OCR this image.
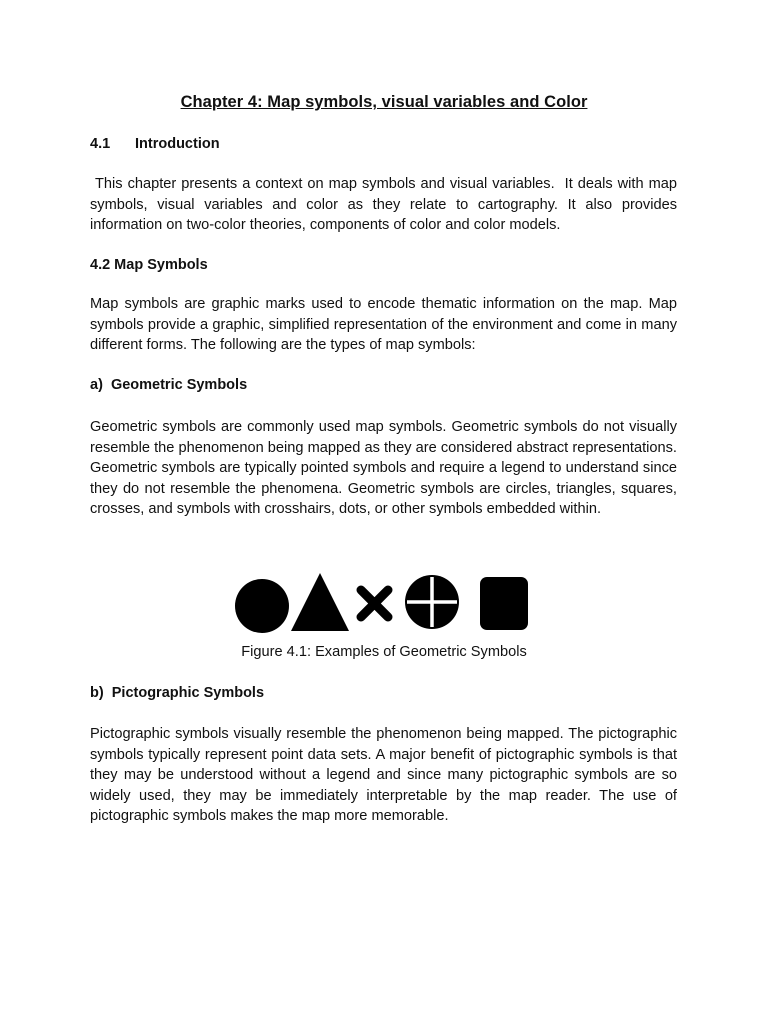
Chapter 4: Map symbols, visual variables and Color
4.1 Introduction

This chapter presents a context on map symbols and visual variables.  It deals with map symbols, visual variables and color as they relate to cartography. It also provides information on two-color theories, components of color and color models.

4.2 Map Symbols

Map symbols are graphic marks used to encode thematic information on the map. Map symbols provide a graphic, simplified representation of the environment and come in many different forms. The following are the types of map symbols:

a)  Geometric Symbols

Geometric symbols are commonly used map symbols. Geometric symbols do not visually resemble the phenomenon being mapped as they are considered abstract representations. Geometric symbols are typically pointed symbols and require a legend to understand since they do not resemble the phenomena. Geometric symbols are circles, triangles, squares, crosses, and symbols with crosshairs, dots, or other symbols embedded within.

Figure 4.1: Examples of Geometric Symbols

b)  Pictographic Symbols

Pictographic symbols visually resemble the phenomenon being mapped. The pictographic symbols typically represent point data sets. A major benefit of pictographic symbols is that they may be understood without a legend and since many pictographic symbols are so widely used, they may be immediately interpretable by the map reader. The use of pictographic symbols makes the map more memorable.
